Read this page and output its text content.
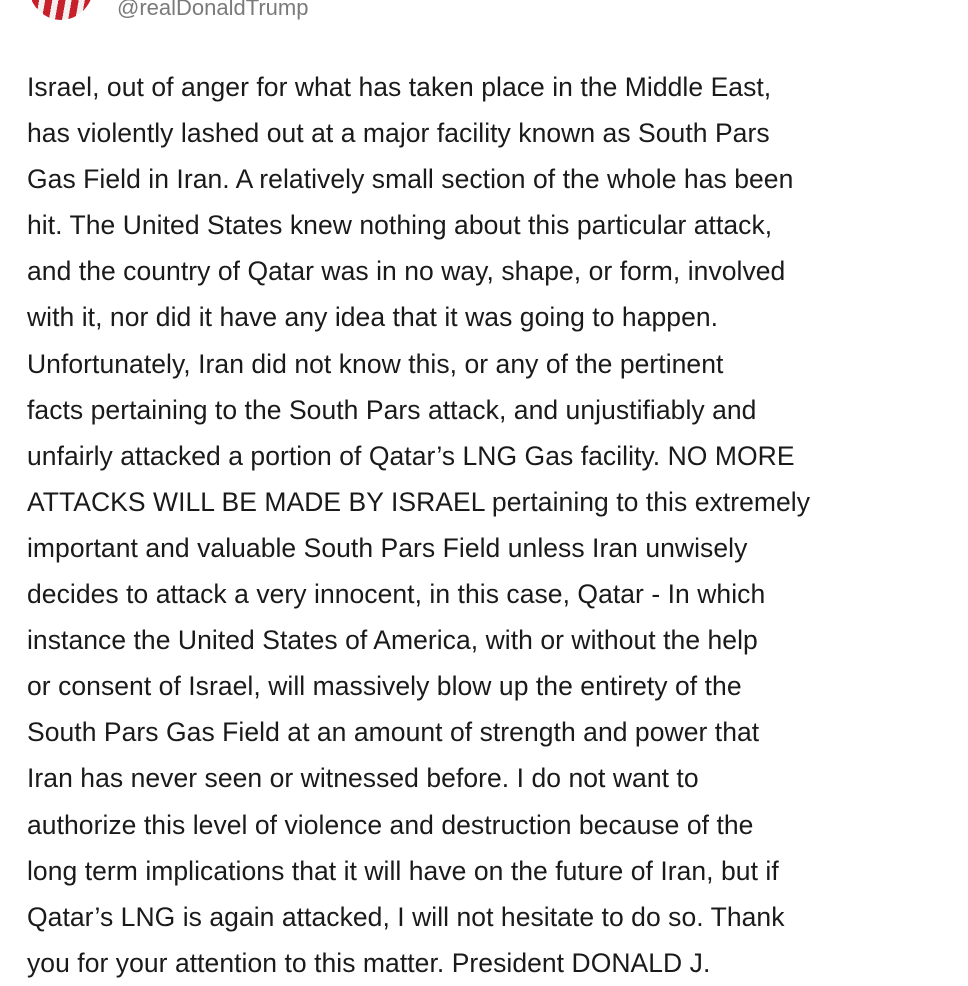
@realDonaldTrump
Israel, out of anger for what has taken place in the Middle East,
has violently lashed out at a major facility known as South Pars
Gas Field in Iran. A relatively small section of the whole has been
hit. The United States knew nothing about this particular attack,
and the country of Qatar was in no way, shape, or form, involved
with it, nor did it have any idea that it was going to happen.
Unfortunately, Iran did not know this, or any of the pertinent
facts pertaining to the South Pars attack, and unjustifiably and
unfairly attacked a portion of Qatar’s LNG Gas facility. NO MORE
ATTACKS WILL BE MADE BY ISRAEL pertaining to this extremely
important and valuable South Pars Field unless Iran unwisely
decides to attack a very innocent, in this case, Qatar - In which
instance the United States of America, with or without the help
or consent of Israel, will massively blow up the entirety of the
South Pars Gas Field at an amount of strength and power that
Iran has never seen or witnessed before. I do not want to
authorize this level of violence and destruction because of the
long term implications that it will have on the future of Iran, but if
Qatar’s LNG is again attacked, I will not hesitate to do so. Thank
you for your attention to this matter. President DONALD J.
